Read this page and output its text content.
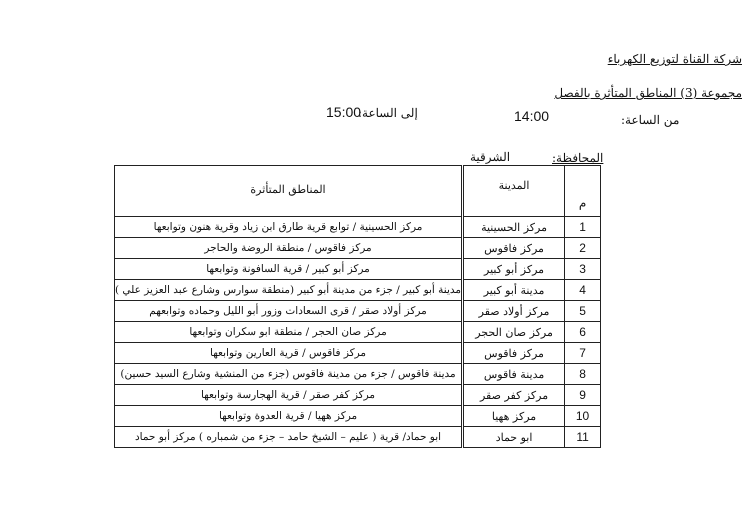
شركة القناة لتوزيع الكهرباء
مجموعة (3) المناطق المتأثرة بالفصل
من الساعة:
14:00
إلى الساعة:
15:00
المحافظة:
الشرقية
م	المدينة	المناطق المتأثرة
1	مركز الحسينية	مركز الحسينية / توابع قرية طارق ابن زياد وقرية هنون وتوابعها
2	مركز فاقوس	مركز فاقوس / منطقة الروضة والحاجر
3	مركز أبو كبير	مركز أبو كبير / قرية السافونة وتوابعها
4	مدينة أبو كبير	مدينة أبو كبير / جزء من مدينة أبو كبير (منطقة سوارس وشارع عبد العزيز علي )
5	مركز أولاد صقر	مركز أولاد صقر / قرى السعادات وزور أبو الليل وحماده وتوابعهم
6	مركز صان الحجر	مركز صان الحجر / منطقة ابو سكران وتوابعها
7	مركز فاقوس	مركز فاقوس / قرية العارين وتوابعها
8	مدينة فاقوس	مدينة فاقوس / جزء من مدينة فاقوس (جزء من المنشية وشارع السيد حسين)
9	مركز كفر صقر	مركز كفر صقر / قرية الهجارسة وتوابعها
10	مركز ههيا	مركز ههيا / قرية العدوة وتوابعها
11	ابو حماد	ابو حماد/ قرية ( عليم – الشيخ حامد – جزء من شمباره ) مركز أبو حماد
